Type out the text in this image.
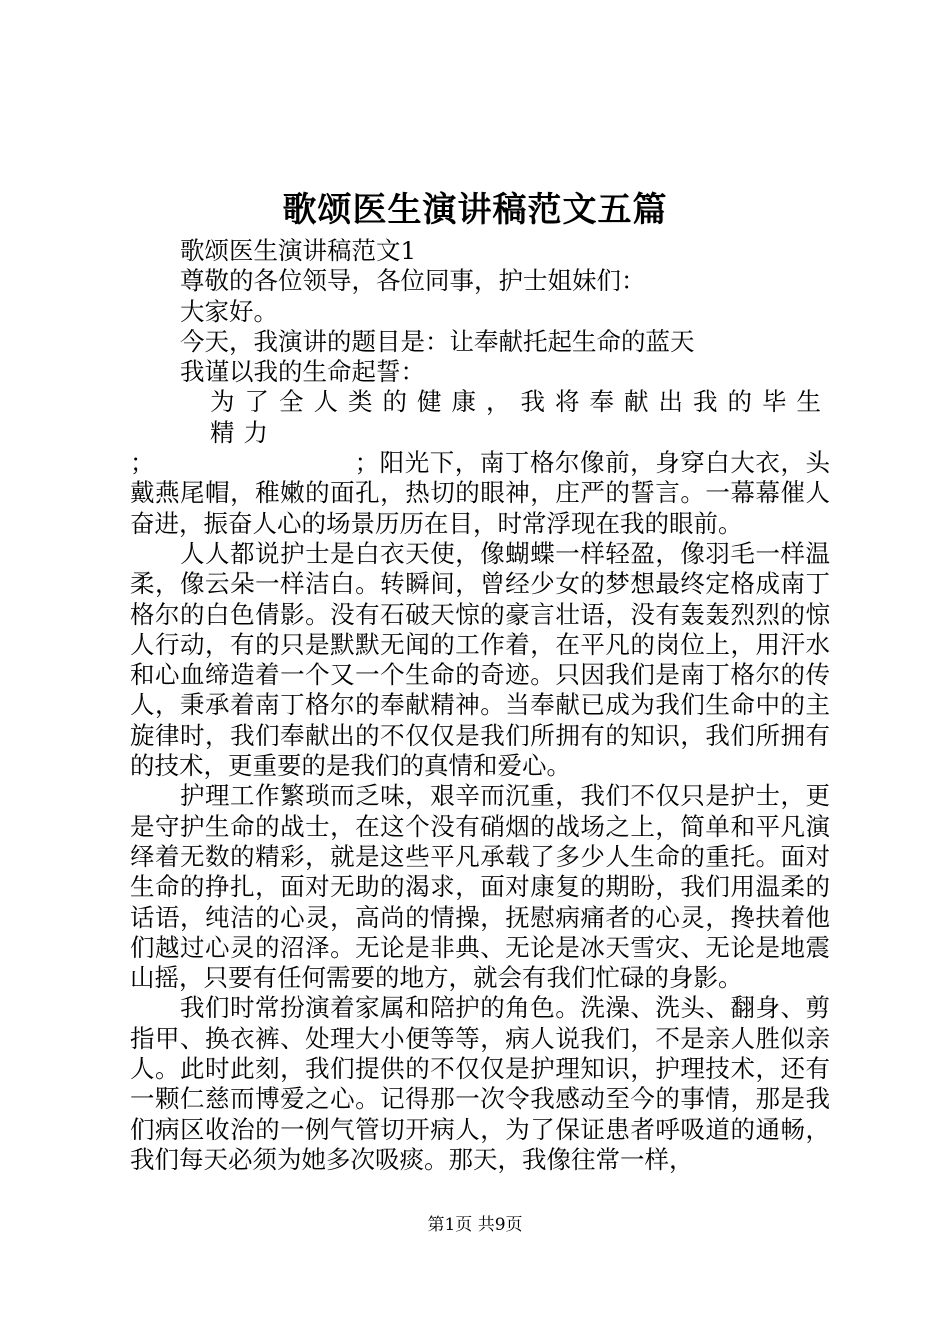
歌颂医生演讲稿范文五篇

歌颂医生演讲稿范文1

尊敬的各位领导，各位同事，护士姐妹们：

大家好。

今天，我演讲的题目是：让奉献托起生命的蓝天

我谨以我的生命起誓：

为了全人类的健康，我将奉献出我的毕生精力

；                        ；阳光下，南丁格尔像前，身穿白大衣，头戴燕尾帽，稚嫩的面孔，热切的眼神，庄严的誓言。一幕幕催人奋进，振奋人心的场景历历在目，时常浮现在我的眼前。

人人都说护士是白衣天使，像蝴蝶一样轻盈，像羽毛一样温柔，像云朵一样洁白。转瞬间，曾经少女的梦想最终定格成南丁格尔的白色倩影。没有石破天惊的豪言壮语，没有轰轰烈烈的惊人行动，有的只是默默无闻的工作着，在平凡的岗位上，用汗水和心血缔造着一个又一个生命的奇迹。只因我们是南丁格尔的传人，秉承着南丁格尔的奉献精神。当奉献已成为我们生命中的主旋律时，我们奉献出的不仅仅是我们所拥有的知识，我们所拥有的技术，更重要的是我们的真情和爱心。

护理工作繁琐而乏味，艰辛而沉重，我们不仅只是护士，更是守护生命的战士，在这个没有硝烟的战场之上，简单和平凡演绎着无数的精彩，就是这些平凡承载了多少人生命的重托。面对生命的挣扎，面对无助的渴求，面对康复的期盼，我们用温柔的话语，纯洁的心灵，高尚的情操，抚慰病痛者的心灵，搀扶着他们越过心灵的沼泽。无论是非典、无论是冰天雪灾、无论是地震山摇，只要有任何需要的地方，就会有我们忙碌的身影。

我们时常扮演着家属和陪护的角色。洗澡、洗头、翻身、剪指甲、换衣裤、处理大小便等等，病人说我们，不是亲人胜似亲人。此时此刻，我们提供的不仅仅是护理知识，护理技术，还有一颗仁慈而博爱之心。记得那一次令我感动至今的事情，那是我们病区收治的一例气管切开病人，为了保证患者呼吸道的通畅，我们每天必须为她多次吸痰。那天，我像往常一样，

第1页 共9页
